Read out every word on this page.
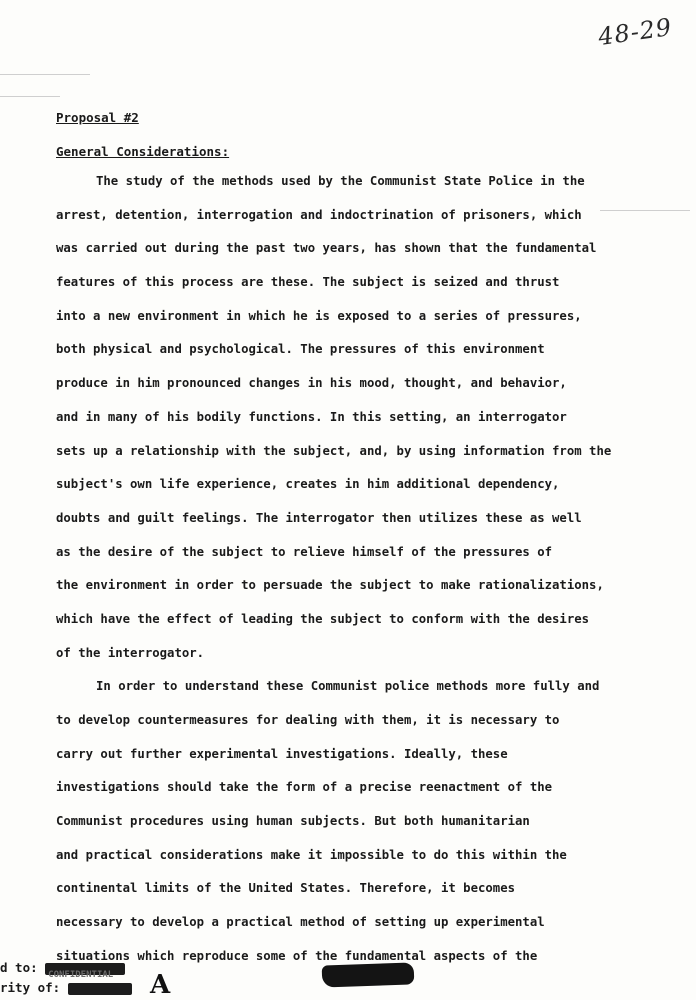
48-29
Proposal #2
General Considerations:
The study of the methods used by the Communist State Police in the
arrest, detention, interrogation and indoctrination of prisoners, which
was carried out during the past two years, has shown that the fundamental
features of this process are these. The subject is seized and thrust
into a new environment in which he is exposed to a series of pressures,
both physical and psychological. The pressures of this environment
produce in him pronounced changes in his mood, thought, and behavior,
and in many of his bodily functions. In this setting, an interrogator
sets up a relationship with the subject, and, by using information from the
subject's own life experience, creates in him additional dependency,
doubts and guilt feelings. The interrogator then utilizes these as well
as the desire of the subject to relieve himself of the pressures of
the environment in order to persuade the subject to make rationalizations,
which have the effect of leading the subject to conform with the desires
of the interrogator.
In order to understand these Communist police methods more fully and
to develop countermeasures for dealing with them, it is necessary to
carry out further experimental investigations. Ideally, these
investigations should take the form of a precise reenactment of the
Communist procedures using human subjects. But both humanitarian
and practical considerations make it impossible to do this within the
continental limits of the United States. Therefore, it becomes
necessary to develop a practical method of setting up experimental
situations which reproduce some of the fundamental aspects of the
d to: CONFIDENTIAL
rity of:	A
